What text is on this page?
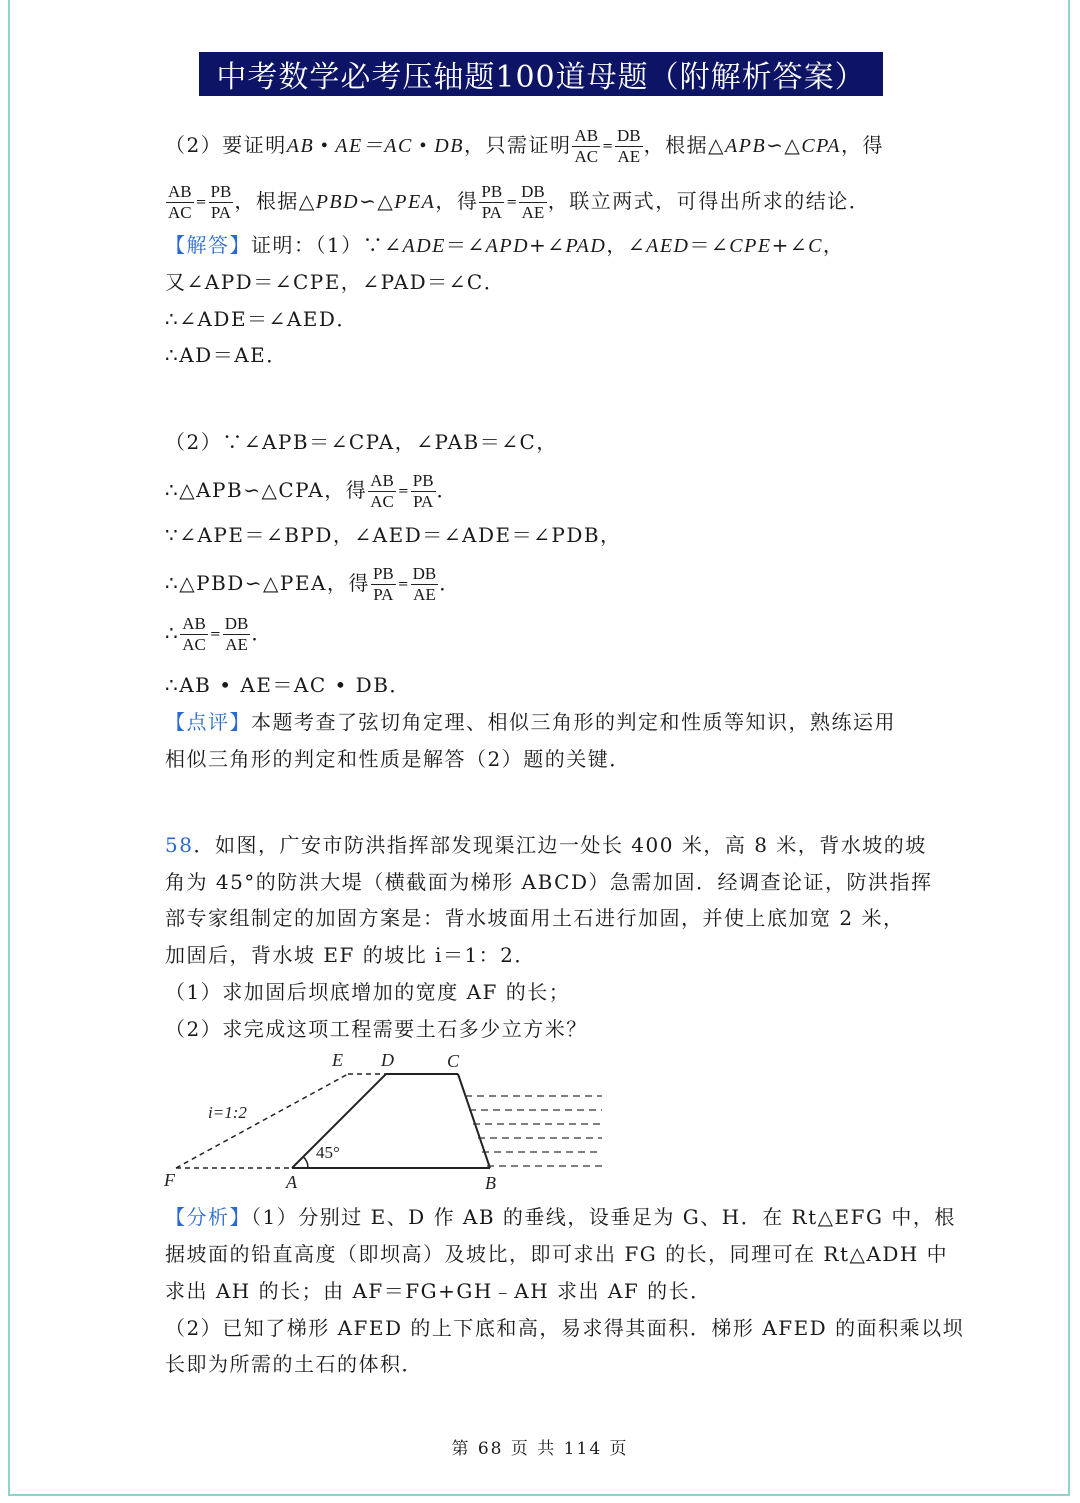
中考数学必考压轴题100道母题（附解析答案）
（2）要证明AB • AE＝AC • DB，只需证明 $\frac{AB}{AC} = \frac{DB}{AE}$ ，根据△APB∽△CPA，得
$\frac{AB}{AC} = \frac{PB}{PA}$ ，根据△PBD∽△PEA，得 $\frac{PB}{PA} = \frac{DB}{AE}$ ，联立两式，可得出所求的结论．
【解答】证明：（1）∵∠ADE＝∠APD+∠PAD，∠AED＝∠CPE+∠C，
又∠APD＝∠CPE，∠PAD＝∠C．
∴∠ADE＝∠AED．
∴AD＝AE．
（2）∵∠APB＝∠CPA，∠PAB＝∠C，
∴△APB∽△CPA，得 $\frac{AB}{AC} = \frac{PB}{PA}$ ．
∵∠APE＝∠BPD，∠AED＝∠ADE＝∠PDB，
∴△PBD∽△PEA，得 $\frac{PB}{PA} = \frac{DB}{AE}$ ．
∴ $\frac{AB}{AC} = \frac{DB}{AE}$ ．
∴AB • AE＝AC • DB．
【点评】本题考查了弦切角定理、相似三角形的判定和性质等知识，熟练运用
相似三角形的判定和性质是解答（2）题的关键．
58．如图，广安市防洪指挥部发现渠江边一处长 400 米，高 8 米，背水坡的坡
角为 45°的防洪大堤（横截面为梯形 ABCD）急需加固．经调查论证，防洪指挥
部专家组制定的加固方案是：背水坡面用土石进行加固，并使上底加宽 2 米，
加固后，背水坡 EF 的坡比 i＝1：2．
（1）求加固后坝底增加的宽度 AF 的长；
（2）求完成这项工程需要土石多少立方米？
E D	C
F	A	B
i=1:2
45°
【分析】（1）分别过 E、D 作 AB 的垂线，设垂足为 G、H．在 Rt△EFG 中，根
据坡面的铅直高度（即坝高）及坡比，即可求出 FG 的长，同理可在 Rt△ADH 中
求出 AH 的长；由 AF＝FG+GH﹣AH 求出 AF 的长．
（2）已知了梯形 AFED 的上下底和高，易求得其面积．梯形 AFED 的面积乘以坝
长即为所需的土石的体积．
第 68 页 共 114 页
